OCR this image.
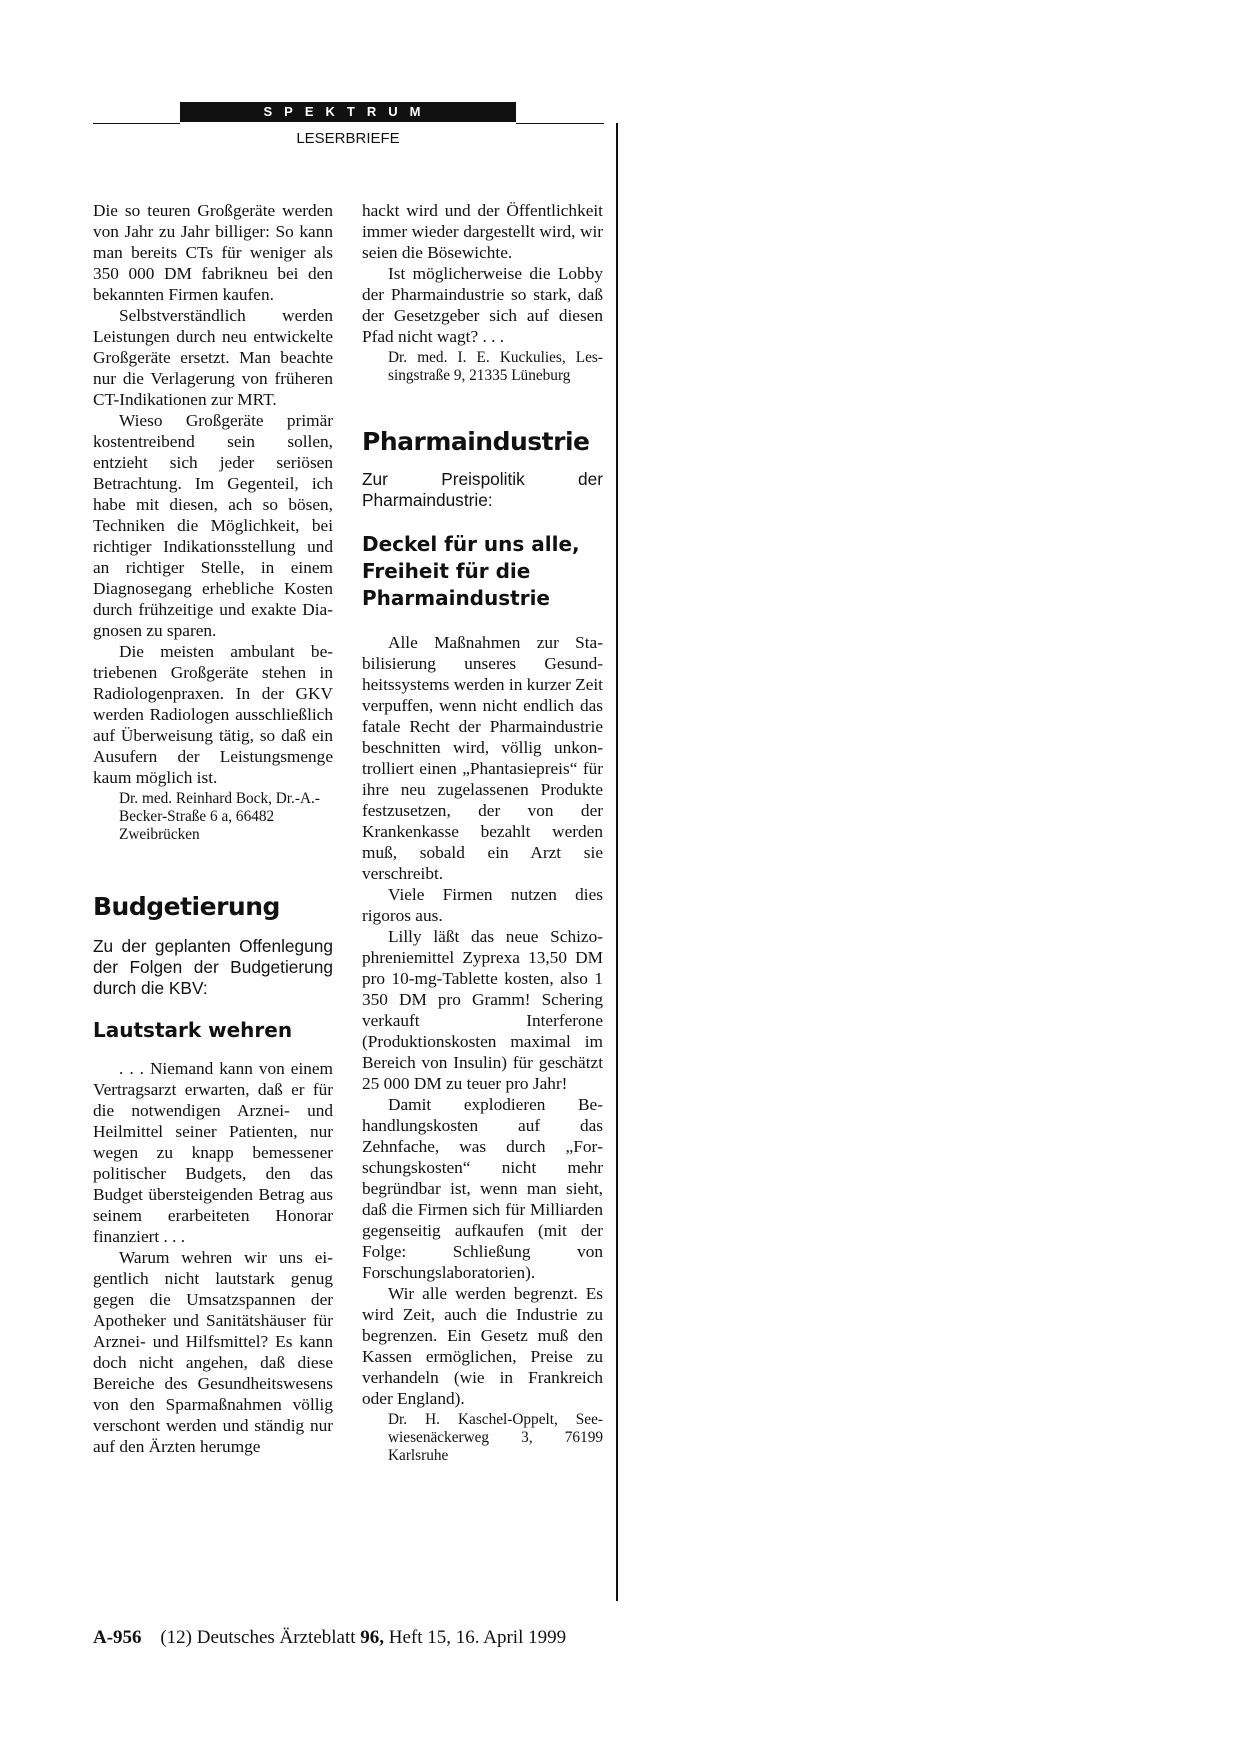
SPEKTRUM
LESERBRIEFE

Die so teuren Großgeräte werden von Jahr zu Jahr billiger: So kann man bereits CTs für weniger als 350 000 DM fabrikneu bei den bekannten Firmen kaufen.

Selbstverständlich werden Leistungen durch neu entwickelte Großgeräte ersetzt. Man beachte nur die Verlagerung von früheren CT-Indikationen zur MRT.

Wieso Großgeräte primär kostentreibend sein sollen, entzieht sich jeder seriösen Betrachtung. Im Gegenteil, ich habe mit diesen, ach so bösen, Techniken die Möglichkeit, bei richtiger Indikationsstellung und an richtiger Stelle, in einem Diagnosegang erhebliche Kosten durch frühzeitige und exakte Diagnosen zu sparen.

Die meisten ambulant betriebenen Großgeräte stehen in Radiologenpraxen. In der GKV werden Radiologen ausschließlich auf Überweisung tätig, so daß ein Ausufern der Leistungsmenge kaum möglich ist.

Dr. med. Reinhard Bock, Dr.-A.-Becker-Straße 6 a, 66482 Zweibrücken

Budgetierung

Zu der geplanten Offenlegung der Folgen der Budgetierung durch die KBV:

Lautstark wehren

. . . Niemand kann von einem Vertragsarzt erwarten, daß er für die notwendigen Arznei- und Heilmittel seiner Patienten, nur wegen zu knapp bemessener politischer Budgets, den das Budget übersteigenden Betrag aus seinem erarbeiteten Honorar finanziert . . .

Warum wehren wir uns eigentlich nicht lautstark genug gegen die Umsatzspannen der Apotheker und Sanitätshäuser für Arznei- und Hilfsmittel? Es kann doch nicht angehen, daß diese Bereiche des Gesundheitswesens von den Sparmaßnahmen völlig verschont werden und ständig nur auf den Ärzten herumge

hackt wird und der Öffentlichkeit immer wieder dargestellt wird, wir seien die Bösewichte.

Ist möglicherweise die Lobby der Pharmaindustrie so stark, daß der Gesetzgeber sich auf diesen Pfad nicht wagt? . . .

Dr. med. I. E. Kuckulies, Lessingstraße 9, 21335 Lüneburg

Pharmaindustrie

Zur Preispolitik der Pharmaindustrie:

Deckel für uns alle, Freiheit für die Pharmaindustrie

Alle Maßnahmen zur Stabilisierung unseres Gesundheitssystems werden in kurzer Zeit verpuffen, wenn nicht endlich das fatale Recht der Pharmaindustrie beschnitten wird, völlig unkontrolliert einen „Phantasiepreis“ für ihre neu zugelassenen Produkte festzusetzen, der von der Krankenkasse bezahlt werden muß, sobald ein Arzt sie verschreibt.

Viele Firmen nutzen dies rigoros aus.

Lilly läßt das neue Schizophreniemittel Zyprexa 13,50 DM pro 10-mg-Tablette kosten, also 1 350 DM pro Gramm! Schering verkauft Interferone (Produktionskosten maximal im Bereich von Insulin) für geschätzt 25 000 DM zu teuer pro Jahr!

Damit explodieren Behandlungskosten auf das Zehnfache, was durch „Forschungskosten“ nicht mehr begründbar ist, wenn man sieht, daß die Firmen sich für Milliarden gegenseitig aufkaufen (mit der Folge: Schließung von Forschungslaboratorien).

Wir alle werden begrenzt. Es wird Zeit, auch die Industrie zu begrenzen. Ein Gesetz muß den Kassen ermöglichen, Preise zu verhandeln (wie in Frankreich oder England).

Dr. H. Kaschel-Oppelt, Seewiesenäckerweg 3, 76199 Karlsruhe

A-956 (12) Deutsches Ärzteblatt 96, Heft 15, 16. April 1999
